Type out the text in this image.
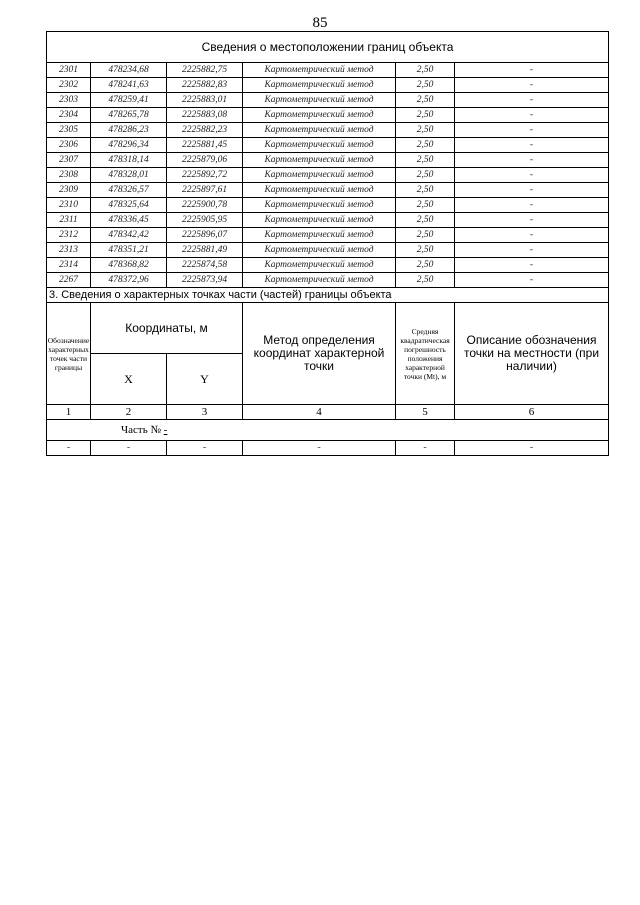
85
Сведения о местоположении границ объекта					
2301	478234,68	2225882,75	Картометрический метод	2,50	-
2302	478241,63	2225882,83	Картометрический метод	2,50	-
2303	478259,41	2225883,01	Картометрический метод	2,50	-
2304	478265,78	2225883,08	Картометрический метод	2,50	-
2305	478286,23	2225882,23	Картометрический метод	2,50	-
2306	478296,34	2225881,45	Картометрический метод	2,50	-
2307	478318,14	2225879,06	Картометрический метод	2,50	-
2308	478328,01	2225892,72	Картометрический метод	2,50	-
2309	478326,57	2225897,61	Картометрический метод	2,50	-
2310	478325,64	2225900,78	Картометрический метод	2,50	-
2311	478336,45	2225905,95	Картометрический метод	2,50	-
2312	478342,42	2225896,07	Картометрический метод	2,50	-
2313	478351,21	2225881,49	Картометрический метод	2,50	-
2314	478368,82	2225874,58	Картометрический метод	2,50	-
2267	478372,96	2225873,94	Картометрический метод	2,50	-
3. Сведения о характерных точках части (частей) границы объекта					
Обозначение характерных точек части границы	Координаты, м		Метод определения координат характерной точки	Средняя квадратическая погрешность положения характерной точки (Mt), м	Описание обозначения точки на местности (при наличии)
	X	Y			
1	2	3	4	5	6
Часть № -					
-	-	-	-	-	-
